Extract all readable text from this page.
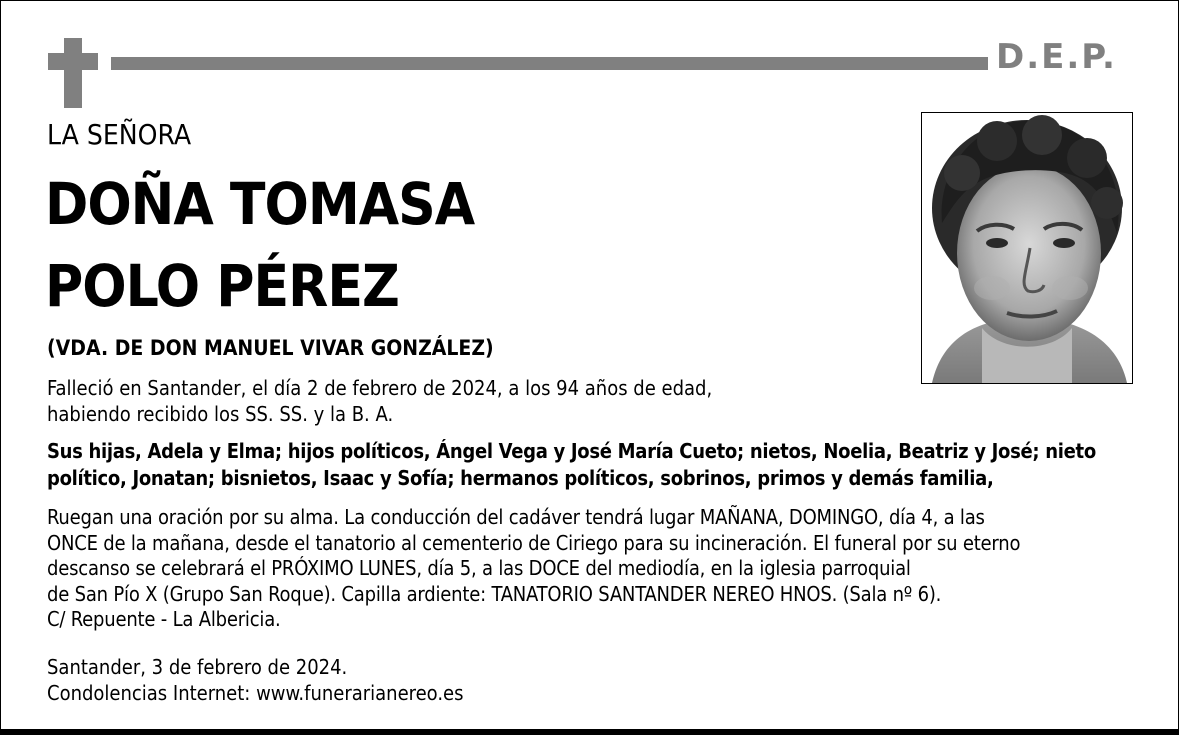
D.E.P.
LA SEÑORA
DOÑA TOMASA
POLO PÉREZ
(VDA. DE DON MANUEL VIVAR GONZÁLEZ)
Falleció en Santander, el día 2 de febrero de 2024, a los 94 años de edad,
habiendo recibido los SS. SS. y la B. A.
Sus hijas, Adela y Elma; hijos políticos, Ángel Vega y José María Cueto; nietos, Noelia, Beatriz y José; nieto
político, Jonatan; bisnietos, Isaac y Sofía; hermanos políticos, sobrinos, primos y demás familia,
Ruegan una oración por su alma. La conducción del cadáver tendrá lugar MAÑANA, DOMINGO, día 4, a las
ONCE de la mañana, desde el tanatorio al cementerio de Ciriego para su incineración. El funeral por su eterno
descanso se celebrará el PRÓXIMO LUNES, día 5, a las DOCE del mediodía, en la iglesia parroquial
de San Pío X (Grupo San Roque). Capilla ardiente: TANATORIO SANTANDER NEREO HNOS. (Sala nº 6).
C/ Repuente - La Albericia.
Santander, 3 de febrero de 2024.
Condolencias Internet: www.funerarianereo.es
